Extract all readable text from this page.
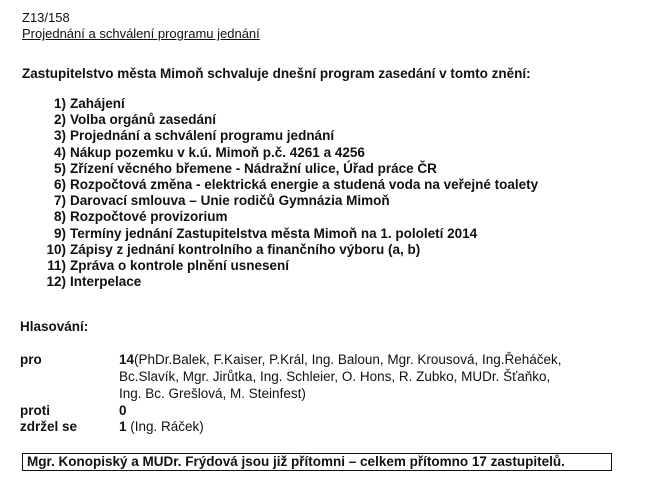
Z13/158
Projednání a schválení programu jednání
Zastupitelstvo města Mimoň schvaluje dnešní program zasedání v tomto znění:
1) Zahájení
2) Volba orgánů zasedání
3) Projednání a schválení programu jednání
4) Nákup pozemku v k.ú. Mimoň p.č. 4261 a 4256
5) Zřízení věcného břemene - Nádražní ulice, Úřad práce ČR
6) Rozpočtová změna - elektrická energie a studená voda na veřejné toalety
7) Darovací smlouva – Unie rodičů Gymnázia Mimoň
8) Rozpočtové provizorium
9) Termíny jednání Zastupitelstva města Mimoň na 1. pololetí 2014
10) Zápisy z jednání kontrolního a finančního výboru (a, b)
11) Zpráva o kontrole plnění usnesení
12) Interpelace
Hlasování:
pro	14(PhDr.Balek, F.Kaiser, P.Král, Ing. Baloun, Mgr. Krousová, Ing.Řeháček,
Bc.Slavík, Mgr. Jirůtka, Ing. Schleier, O. Hons, R. Zubko, MUDr. Šťaňko,
Ing. Bc. Grešlová, M. Steinfest)
proti	0
zdržel se	1 (Ing. Ráček)
Mgr. Konopiský a MUDr. Frýdová jsou již přítomni – celkem přítomno 17 zastupitelů.
